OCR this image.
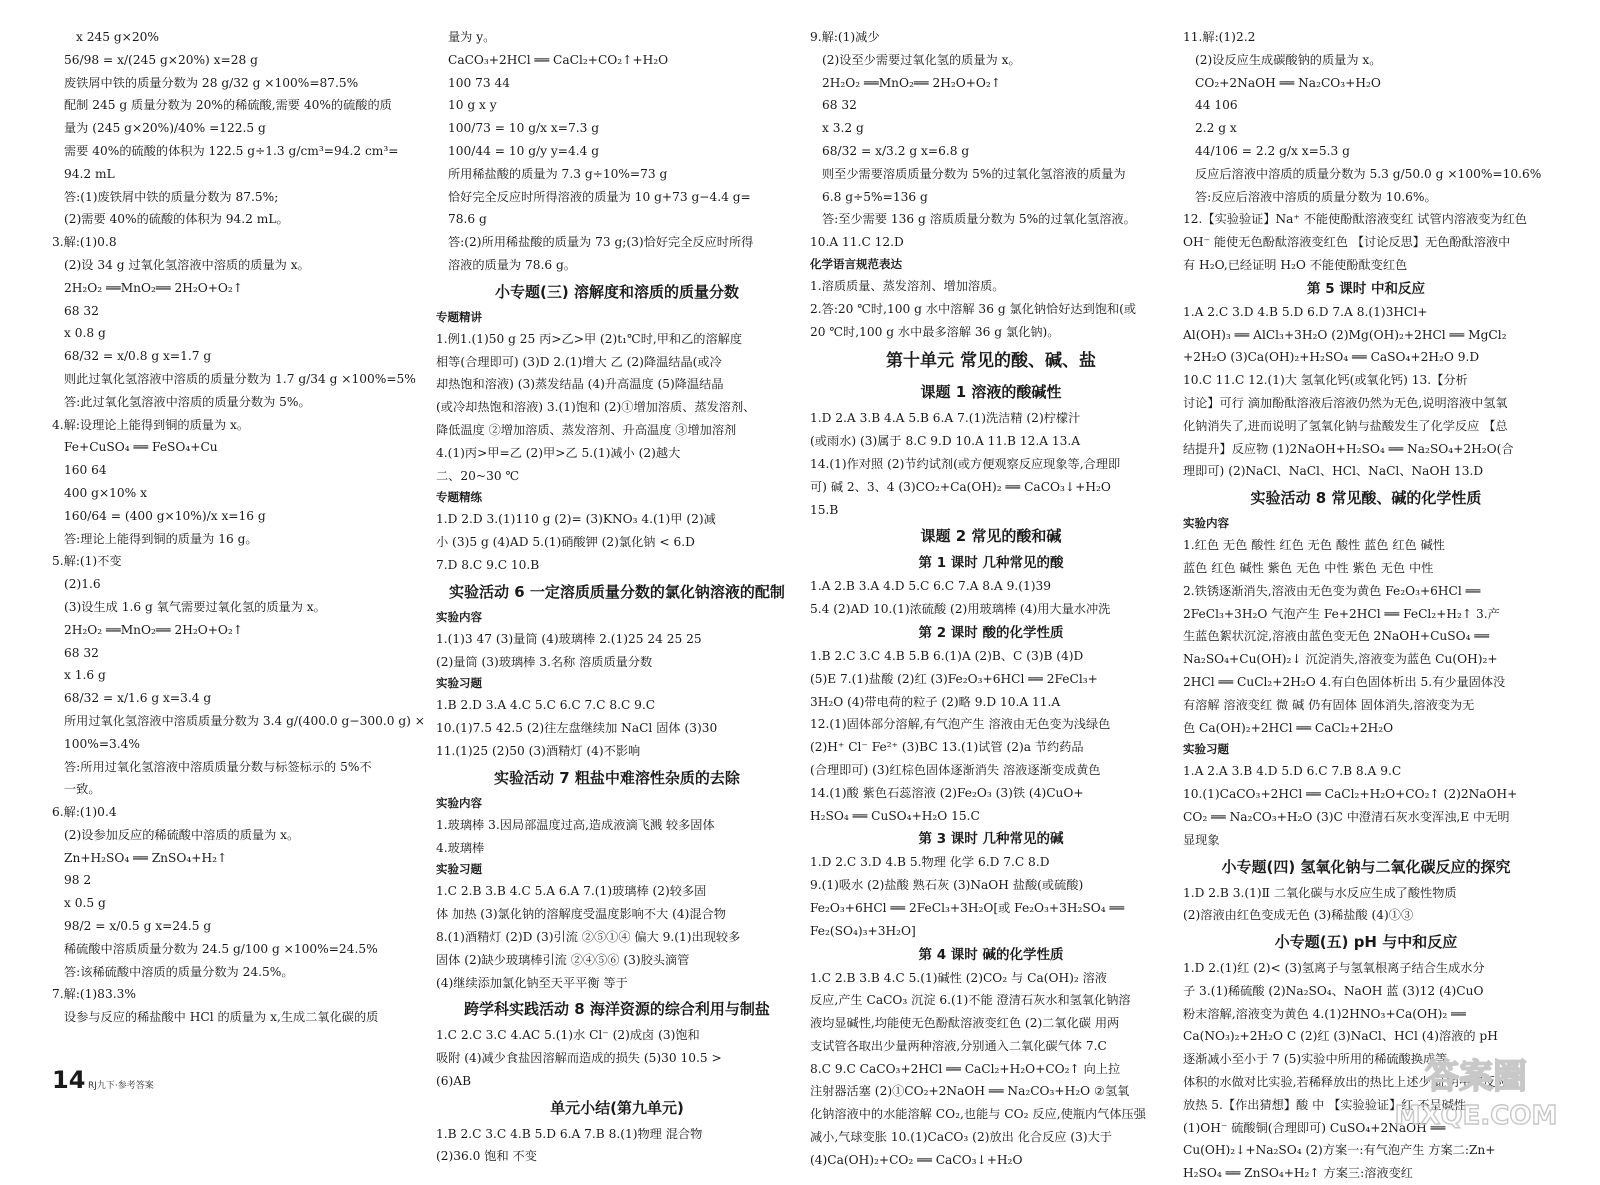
x 245 g×20%
56/98 = x/(245 g×20%) x=28 g
废铁屑中铁的质量分数为 28 g/32 g ×100%=87.5%
配制 245 g 质量分数为 20%的稀硫酸,需要 40%的硫酸的质
量为 (245 g×20%)/40% =122.5 g
需要 40%的硫酸的体积为 122.5 g÷1.3 g/cm³=94.2 cm³=
94.2 mL
答:(1)废铁屑中铁的质量分数为 87.5%;
(2)需要 40%的硫酸的体积为 94.2 mL。
3.解:(1)0.8
(2)设 34 g 过氧化氢溶液中溶质的质量为 x。
2H₂O₂ ══MnO₂══ 2H₂O+O₂↑
68 32
x 0.8 g
68/32 = x/0.8 g x=1.7 g
则此过氧化氢溶液中溶质的质量分数为 1.7 g/34 g ×100%=5%
答:此过氧化氢溶液中溶质的质量分数为 5%。
4.解:设理论上能得到铜的质量为 x。
Fe+CuSO₄ ══ FeSO₄+Cu
160 64
400 g×10% x
160/64 = (400 g×10%)/x x=16 g
答:理论上能得到铜的质量为 16 g。
5.解:(1)不变
(2)1.6
(3)设生成 1.6 g 氧气需要过氧化氢的质量为 x。
2H₂O₂ ══MnO₂══ 2H₂O+O₂↑
68 32
x 1.6 g
68/32 = x/1.6 g x=3.4 g
所用过氧化氢溶液中溶质质量分数为 3.4 g/(400.0 g−300.0 g) ×
100%=3.4%
答:所用过氧化氢溶液中溶质质量分数与标签标示的 5%不
一致。
6.解:(1)0.4
(2)设参加反应的稀硫酸中溶质的质量为 x。
Zn+H₂SO₄ ══ ZnSO₄+H₂↑
98 2
x 0.5 g
98/2 = x/0.5 g x=24.5 g
稀硫酸中溶质质量分数为 24.5 g/100 g ×100%=24.5%
答:该稀硫酸中溶质的质量分数为 24.5%。
7.解:(1)83.3%
设参与反应的稀盐酸中 HCl 的质量为 x,生成二氧化碳的质
量为 y。
CaCO₃+2HCl ══ CaCl₂+CO₂↑+H₂O
100 73 44
10 g x y
100/73 = 10 g/x x=7.3 g
100/44 = 10 g/y y=4.4 g
所用稀盐酸的质量为 7.3 g÷10%=73 g
恰好完全反应时所得溶液的质量为 10 g+73 g−4.4 g=
78.6 g
答:(2)所用稀盐酸的质量为 73 g;(3)恰好完全反应时所得
溶液的质量为 78.6 g。
小专题(三) 溶解度和溶质的质量分数
专题精讲
1.例1.(1)50 g 25 丙>乙>甲 (2)t₁℃时,甲和乙的溶解度
相等(合理即可) (3)D 2.(1)增大 乙 (2)降温结晶(或冷
却热饱和溶液) (3)蒸发结晶 (4)升高温度 (5)降温结晶
(或冷却热饱和溶液) 3.(1)饱和 (2)①增加溶质、蒸发溶剂、
降低温度 ②增加溶质、蒸发溶剂、升高温度 ③增加溶剂
4.(1)丙>甲=乙 (2)甲>乙 5.(1)减小 (2)越大
二、20~30 ℃
专题精练
1.D 2.D 3.(1)110 g (2)= (3)KNO₃ 4.(1)甲 (2)减
小 (3)5 g (4)AD 5.(1)硝酸钾 (2)氯化钠 < 6.D
7.D 8.C 9.C 10.B
实验活动 6 一定溶质质量分数的氯化钠溶液的配制
实验内容
1.(1)3 47 (3)量筒 (4)玻璃棒 2.(1)25 24 25 25
(2)量筒 (3)玻璃棒 3.名称 溶质质量分数
实验习题
1.B 2.D 3.A 4.C 5.C 6.C 7.C 8.C 9.C
10.(1)7.5 42.5 (2)往左盘继续加 NaCl 固体 (3)30
11.(1)25 (2)50 (3)酒精灯 (4)不影响
实验活动 7 粗盐中难溶性杂质的去除
实验内容
1.玻璃棒 3.因局部温度过高,造成液滴飞溅 较多固体
4.玻璃棒
实验习题
1.C 2.B 3.B 4.C 5.A 6.A 7.(1)玻璃棒 (2)较多固
体 加热 (3)氯化钠的溶解度受温度影响不大 (4)混合物
8.(1)酒精灯 (2)D (3)引流 ②⑤①④ 偏大 9.(1)出现较多
固体 (2)缺少玻璃棒引流 ②④⑤⑥ (3)胶头滴管
(4)继续添加氯化钠至天平平衡 等于
跨学科实践活动 8 海洋资源的综合利用与制盐
1.C 2.C 3.C 4.AC 5.(1)水 Cl⁻ (2)成卤 (3)饱和
吸附 (4)减少食盐因溶解而造成的损失 (5)30 10.5 >
(6)AB
单元小结(第九单元)
1.B 2.C 3.C 4.B 5.D 6.A 7.B 8.(1)物理 混合物
(2)36.0 饱和 不变
9.解:(1)减少
(2)设至少需要过氧化氢的质量为 x。
2H₂O₂ ══MnO₂══ 2H₂O+O₂↑
68 32
x 3.2 g
68/32 = x/3.2 g x=6.8 g
则至少需要溶质质量分数为 5%的过氧化氢溶液的质量为
6.8 g÷5%=136 g
答:至少需要 136 g 溶质质量分数为 5%的过氧化氢溶液。
10.A 11.C 12.D
化学语言规范表达
1.溶质质量、蒸发溶剂、增加溶质。
2.答:20 ℃时,100 g 水中溶解 36 g 氯化钠恰好达到饱和(或
20 ℃时,100 g 水中最多溶解 36 g 氯化钠)。
第十单元 常见的酸、碱、盐
课题 1 溶液的酸碱性
1.D 2.A 3.B 4.A 5.B 6.A 7.(1)洗洁精 (2)柠檬汁
(或雨水) (3)属于 8.C 9.D 10.A 11.B 12.A 13.A
14.(1)作对照 (2)节约试剂(或方便观察反应现象等,合理即
可) 碱 2、3、4 (3)CO₂+Ca(OH)₂ ══ CaCO₃↓+H₂O
15.B
课题 2 常见的酸和碱
第 1 课时 几种常见的酸
1.A 2.B 3.A 4.D 5.C 6.C 7.A 8.A 9.(1)39
5.4 (2)AD 10.(1)浓硫酸 (2)用玻璃棒 (4)用大量水冲洗
第 2 课时 酸的化学性质
1.B 2.C 3.C 4.B 5.B 6.(1)A (2)B、C (3)B (4)D
(5)E 7.(1)盐酸 (2)红 (3)Fe₂O₃+6HCl ══ 2FeCl₃+
3H₂O (4)带电荷的粒子 (2)略 9.D 10.A 11.A
12.(1)固体部分溶解,有气泡产生 溶液由无色变为浅绿色
(2)H⁺ Cl⁻ Fe²⁺ (3)BC 13.(1)试管 (2)a 节约药品
(合理即可) (3)红棕色固体逐渐消失 溶液逐渐变成黄色
14.(1)酸 紫色石蕊溶液 (2)Fe₂O₃ (3)铁 (4)CuO+
H₂SO₄ ══ CuSO₄+H₂O 15.C
第 3 课时 几种常见的碱
1.D 2.C 3.D 4.B 5.物理 化学 6.D 7.C 8.D
9.(1)吸水 (2)盐酸 熟石灰 (3)NaOH 盐酸(或硫酸)
Fe₂O₃+6HCl ══ 2FeCl₃+3H₂O[或 Fe₂O₃+3H₂SO₄ ══
Fe₂(SO₄)₃+3H₂O]
第 4 课时 碱的化学性质
1.C 2.B 3.B 4.C 5.(1)碱性 (2)CO₂ 与 Ca(OH)₂ 溶液
反应,产生 CaCO₃ 沉淀 6.(1)不能 澄清石灰水和氢氧化钠溶
液均显碱性,均能使无色酚酞溶液变红色 (2)二氧化碳 用两
支试管各取出少量两种溶液,分别通入二氧化碳气体 7.C
8.C 9.C CaCO₃+2HCl ══ CaCl₂+H₂O+CO₂↑ 向上拉
注射器活塞 (2)①CO₂+2NaOH ══ Na₂CO₃+H₂O ②氢氧
化钠溶液中的水能溶解 CO₂,也能与 CO₂ 反应,使瓶内气体压强
减小,气球变胀 10.(1)CaCO₃ (2)放出 化合反应 (3)大于
(4)Ca(OH)₂+CO₂ ══ CaCO₃↓+H₂O
11.解:(1)2.2
(2)设反应生成碳酸钠的质量为 x。
CO₂+2NaOH ══ Na₂CO₃+H₂O
44 106
2.2 g x
44/106 = 2.2 g/x x=5.3 g
反应后溶液中溶质的质量分数为 5.3 g/50.0 g ×100%=10.6%
答:反应后溶液中溶质的质量分数为 10.6%。
12.【实验验证】Na⁺ 不能使酚酞溶液变红 试管内溶液变为红色
OH⁻ 能使无色酚酞溶液变红色 【讨论反思】无色酚酞溶液中
有 H₂O,已经证明 H₂O 不能使酚酞变红色
第 5 课时 中和反应
1.A 2.C 3.D 4.B 5.D 6.D 7.A 8.(1)3HCl+
Al(OH)₃ ══ AlCl₃+3H₂O (2)Mg(OH)₂+2HCl ══ MgCl₂
+2H₂O (3)Ca(OH)₂+H₂SO₄ ══ CaSO₄+2H₂O 9.D
10.C 11.C 12.(1)大 氢氧化钙(或氧化钙) 13.【分析
讨论】可行 滴加酚酞溶液后溶液仍然为无色,说明溶液中氢氧
化钠消失了,进而说明了氢氧化钠与盐酸发生了化学反应 【总
结提升】反应物 (1)2NaOH+H₂SO₄ ══ Na₂SO₄+2H₂O(合
理即可) (2)NaCl、NaCl、HCl、NaCl、NaOH 13.D
实验活动 8 常见酸、碱的化学性质
实验内容
1.红色 无色 酸性 红色 无色 酸性 蓝色 红色 碱性
蓝色 红色 碱性 紫色 无色 中性 紫色 无色 中性
2.铁锈逐渐消失,溶液由无色变为黄色 Fe₂O₃+6HCl ══
2FeCl₃+3H₂O 气泡产生 Fe+2HCl ══ FeCl₂+H₂↑ 3.产
生蓝色絮状沉淀,溶液由蓝色变无色 2NaOH+CuSO₄ ══
Na₂SO₄+Cu(OH)₂↓ 沉淀消失,溶液变为蓝色 Cu(OH)₂+
2HCl ══ CuCl₂+2H₂O 4.有白色固体析出 5.有少量固体没
有溶解 溶液变红 微 碱 仍有固体 固体消失,溶液变为无
色 Ca(OH)₂+2HCl ══ CaCl₂+2H₂O
实验习题
1.A 2.A 3.B 4.D 5.D 6.C 7.B 8.A 9.C
10.(1)CaCO₃+2HCl ══ CaCl₂+H₂O+CO₂↑ (2)2NaOH+
CO₂ ══ Na₂CO₃+H₂O (3)C 中澄清石灰水变浑浊,E 中无明
显现象
小专题(四) 氢氧化钠与二氧化碳反应的探究
1.D 2.B 3.(1)Ⅱ 二氧化碳与水反应生成了酸性物质
(2)溶液由红色变成无色 (3)稀盐酸 (4)①③
小专题(五) pH 与中和反应
1.D 2.(1)红 (2)< (3)氢离子与氢氧根离子结合生成水分
子 3.(1)稀硫酸 (2)Na₂SO₄、NaOH 蓝 (3)12 (4)CuO
粉末溶解,溶液变为黄色 4.(1)2HNO₃+Ca(OH)₂ ══
Ca(NO₃)₂+2H₂O C (2)红 (3)NaCl、HCl (4)溶液的 pH
逐渐减小至小于 7 (5)实验中所用的稀硫酸换成等
体积的水做对比实验,若稀释放出的热比上述少,证明中和反应
放热 5.【作出猜想】酸 中 【实验验证】红 不呈碱性
(1)OH⁻ 硫酸铜(合理即可) CuSO₄+2NaOH ══
Cu(OH)₂↓+Na₂SO₄ (2)方案一:有气泡产生 方案二:Zn+
H₂SO₄ ══ ZnSO₄+H₂↑ 方案三:溶液变红
14 RJ九下·参考答案	答案圈
MXQE.COM
